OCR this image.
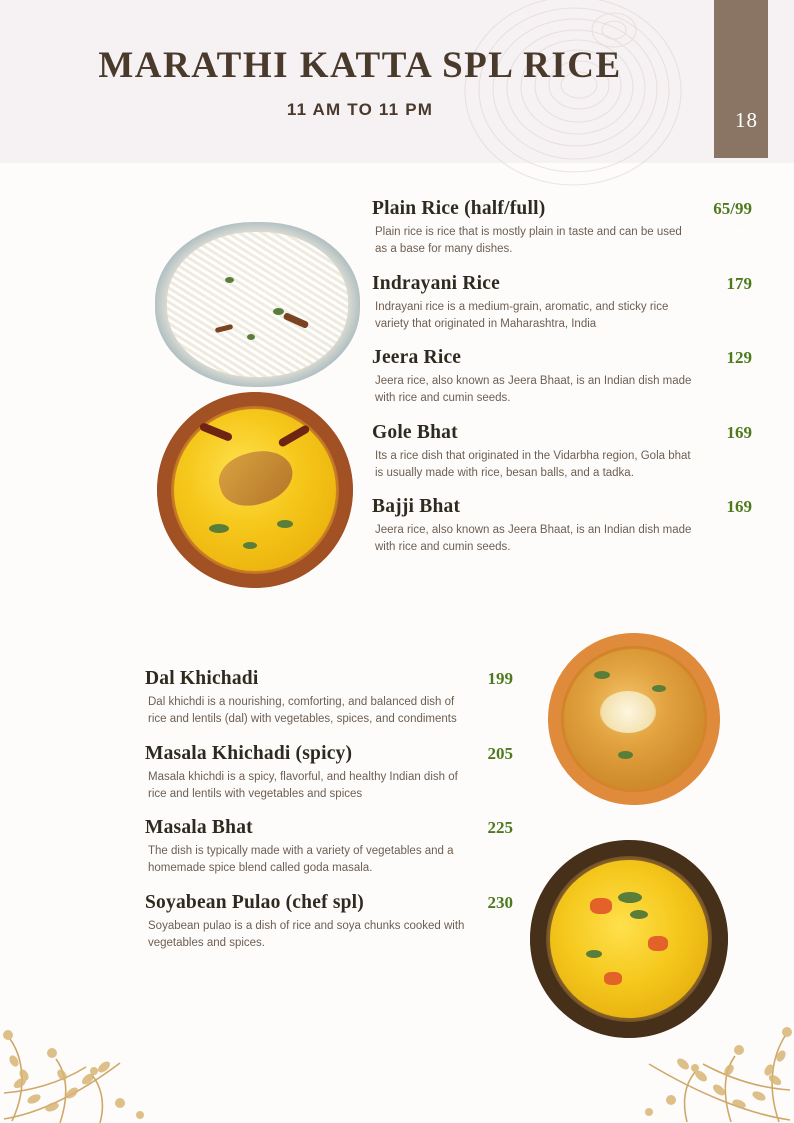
18
MARATHI KATTA SPL RICE
11 AM TO 11 PM
Plain Rice (half/full)	65/99
05
Plain rice is rice that is mostly plain in taste and can be used as a base for many dishes.
Indrayani Rice	179
Indrayani rice is a medium-grain, aromatic, and sticky rice variety that originated in Maharashtra, India
Jeera Rice	129
Jeera rice, also known as Jeera Bhaat, is an Indian dish made with rice and cumin seeds.
Gole Bhat	169
Its a rice dish that originated in the Vidarbha region, Gola bhat is usually made with rice, besan balls, and a tadka.
Bajji Bhat	169
Jeera rice, also known as Jeera Bhaat, is an Indian dish made with rice and cumin seeds.
Dal Khichadi	199
Dal khichdi is a nourishing, comforting, and balanced dish of rice and lentils (dal) with vegetables, spices, and condiments
Masala Khichadi (spicy)	205
Masala khichdi is a spicy, flavorful, and healthy Indian dish of rice and lentils with vegetables and spices
Masala Bhat	225
The dish is typically made with a variety of vegetables and a homemade spice blend called goda masala.
Soyabean Pulao (chef spl)	230
Soyabean pulao is a dish of rice and soya chunks cooked with vegetables and spices.
